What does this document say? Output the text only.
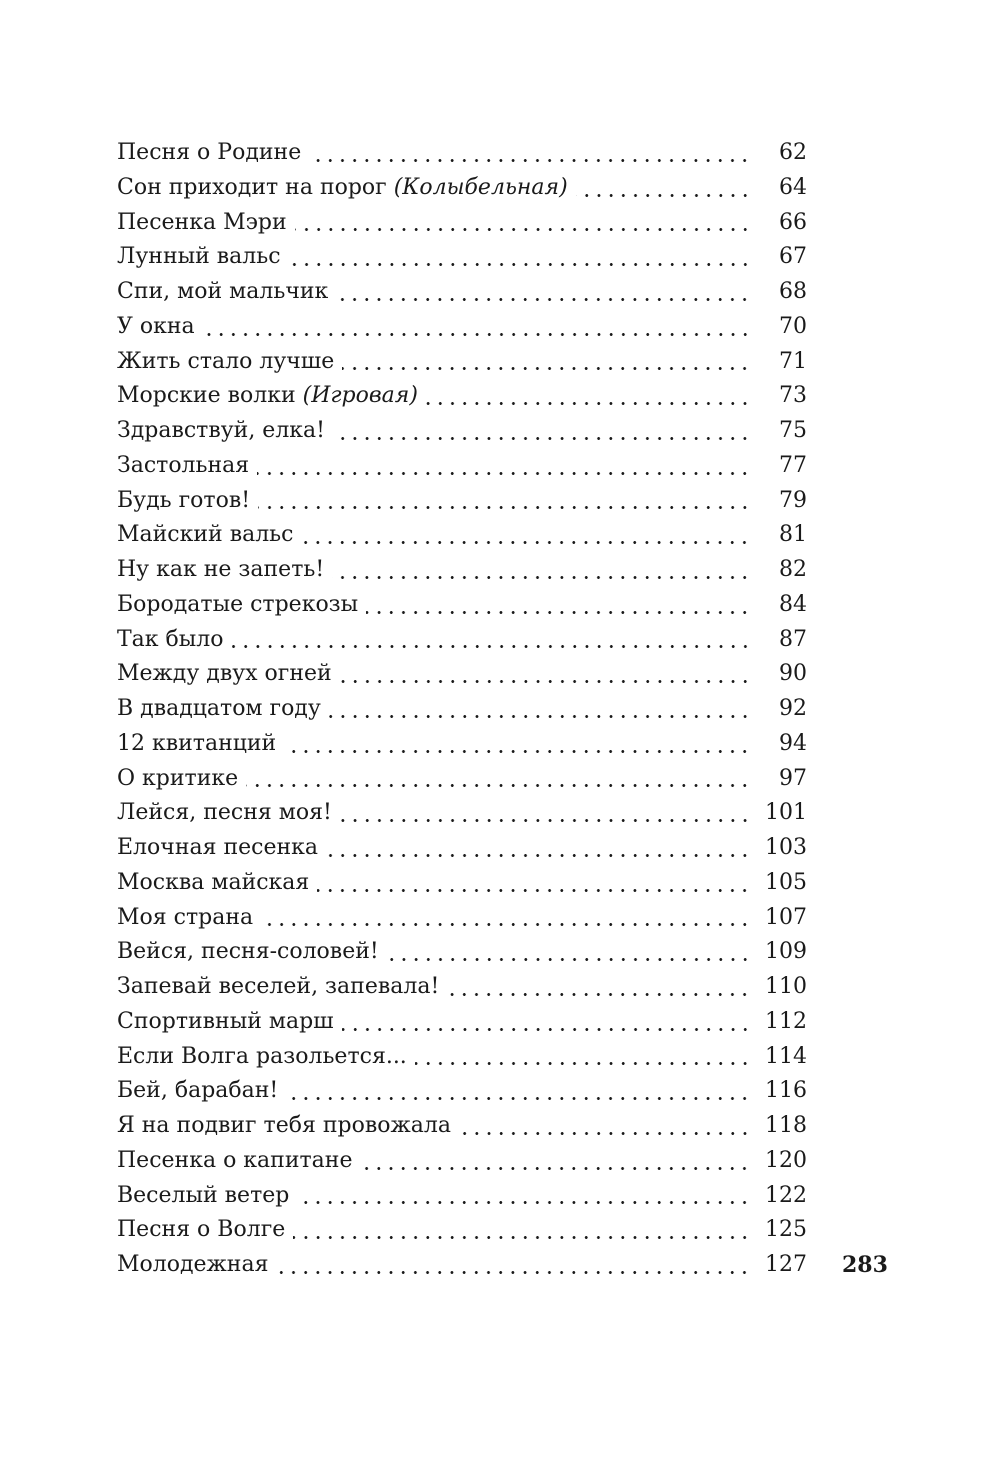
Песня о Родине	62
Сон приходит на порог (Колыбельная)	64
Песенка Мэри	66
Лунный вальс	67
Спи, мой мальчик	68
У окна	70
Жить стало лучше	71
Морские волки (Игровая)	73
Здравствуй, елка!	75
Застольная	77
Будь готов!	79
Майский вальс	81
Ну как не запеть!	82
Бородатые стрекозы	84
Так было	87
Между двух огней	90
В двадцатом году	92
12 квитанций	94
О критике	97
Лейся, песня моя!	101
Елочная песенка	103
Москва майская	105
Моя страна	107
Вейся, песня-соловей!	109
Запевай веселей, запевала!	110
Спортивный марш	112
Если Волга разольется...	114
Бей, барабан!	116
Я на подвиг тебя провожала	118
Песенка о капитане	120
Веселый ветер	122
Песня о Волге	125
Молодежная	127 283
